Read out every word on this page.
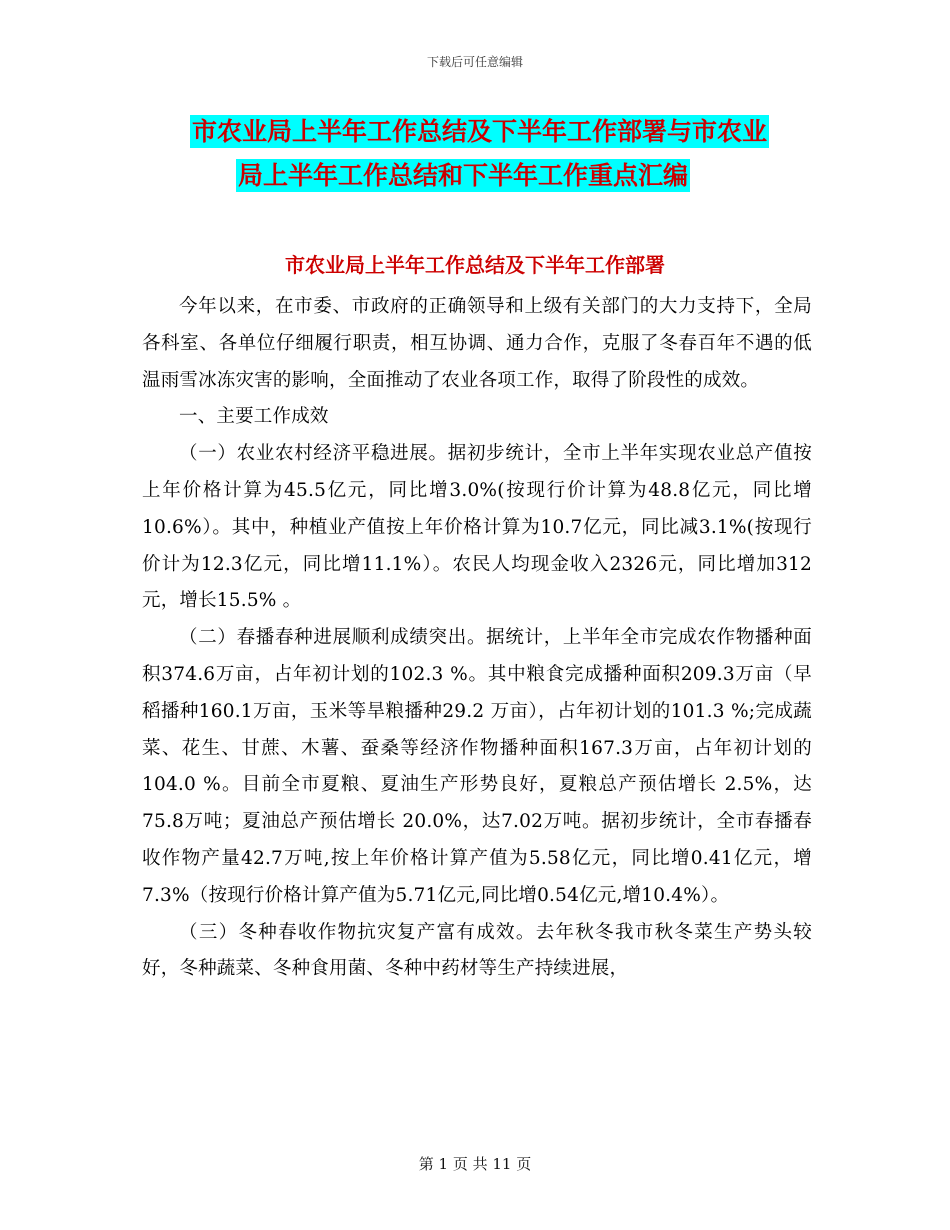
下载后可任意编辑
市农业局上半年工作总结及下半年工作部署与市农业
局上半年工作总结和下半年工作重点汇编
市农业局上半年工作总结及下半年工作部署

今年以来，在市委、市政府的正确领导和上级有关部门的大力支持下，全局各科室、各单位仔细履行职责，相互协调、通力合作，克服了冬春百年不遇的低温雨雪冰冻灾害的影响，全面推动了农业各项工作，取得了阶段性的成效。

一、主要工作成效

（一）农业农村经济平稳进展。据初步统计，全市上半年实现农业总产值按上年价格计算为45.5亿元，同比增3.0%(按现行价计算为48.8亿元，同比增10.6%）。其中，种植业产值按上年价格计算为10.7亿元，同比减3.1%(按现行价计为12.3亿元，同比增11.1%）。农民人均现金收入2326元，同比增加312元，增长15.5% 。

（二）春播春种进展顺利成绩突出。据统计，上半年全市完成农作物播种面积374.6万亩，占年初计划的102.3 %。其中粮食完成播种面积209.3万亩（早稻播种160.1万亩，玉米等旱粮播种29.2 万亩），占年初计划的101.3 %;完成蔬菜、花生、甘蔗、木薯、蚕桑等经济作物播种面积167.3万亩，占年初计划的104.0 %。目前全市夏粮、夏油生产形势良好，夏粮总产预估增长 2.5%，达75.8万吨；夏油总产预估增长 20.0%，达7.02万吨。据初步统计，全市春播春收作物产量42.7万吨,按上年价格计算产值为5.58亿元，同比增0.41亿元，增7.3%（按现行价格计算产值为5.71亿元,同比增0.54亿元,增10.4%）。

（三）冬种春收作物抗灾复产富有成效。去年秋冬我市秋冬菜生产势头较好，冬种蔬菜、冬种食用菌、冬种中药材等生产持续进展，

第 1 页 共 11 页
